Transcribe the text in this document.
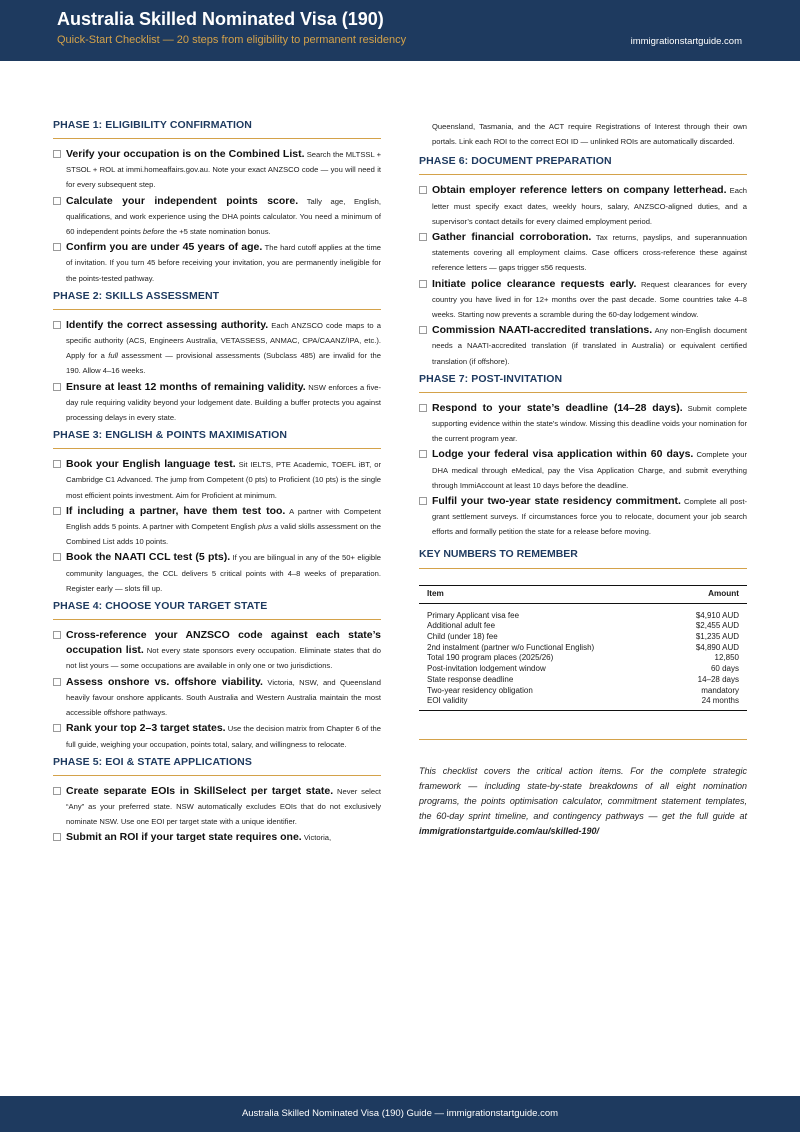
Australia Skilled Nominated Visa (190)
Quick-Start Checklist — 20 steps from eligibility to permanent residency	immigrationstartguide.com
PHASE 1: ELIGIBILITY CONFIRMATION
Verify your occupation is on the Combined List. Search the MLTSSL + STSOL + ROL at immi.homeaffairs.gov.au. Note your exact ANZSCO code — you will need it for every subsequent step.
Calculate your independent points score. Tally age, English, qualifications, and work experience using the DHA points calculator. You need a minimum of 60 independent points before the +5 state nomination bonus.
Confirm you are under 45 years of age. The hard cutoff applies at the time of invitation. If you turn 45 before receiving your invitation, you are permanently ineligible for the points-tested pathway.
PHASE 2: SKILLS ASSESSMENT
Identify the correct assessing authority. Each ANZSCO code maps to a specific authority (ACS, Engineers Australia, VETASSESS, ANMAC, CPA/CAANZ/IPA, etc.). Apply for a full assessment — provisional assessments (Subclass 485) are invalid for the 190. Allow 4–16 weeks.
Ensure at least 12 months of remaining validity. NSW enforces a five-day rule requiring validity beyond your lodgement date. Building a buffer protects you against processing delays in every state.
PHASE 3: ENGLISH & POINTS MAXIMISATION
Book your English language test. Sit IELTS, PTE Academic, TOEFL iBT, or Cambridge C1 Advanced. The jump from Competent (0 pts) to Proficient (10 pts) is the single most efficient points investment. Aim for Proficient at minimum.
If including a partner, have them test too. A partner with Competent English adds 5 points. A partner with Competent English plus a valid skills assessment on the Combined List adds 10 points.
Book the NAATI CCL test (5 pts). If you are bilingual in any of the 50+ eligible community languages, the CCL delivers 5 critical points with 4–8 weeks of preparation. Register early — slots fill up.
PHASE 4: CHOOSE YOUR TARGET STATE
Cross-reference your ANZSCO code against each state’s occupation list. Not every state sponsors every occupation. Eliminate states that do not list yours — some occupations are available in only one or two jurisdictions.
Assess onshore vs. offshore viability. Victoria, NSW, and Queensland heavily favour onshore applicants. South Australia and Western Australia maintain the most accessible offshore pathways.
Rank your top 2–3 target states. Use the decision matrix from Chapter 6 of the full guide, weighing your occupation, points total, salary, and willingness to relocate.
PHASE 5: EOI & STATE APPLICATIONS
Create separate EOIs in SkillSelect per target state. Never select “Any” as your preferred state. NSW automatically excludes EOIs that do not exclusively nominate NSW. Use one EOI per target state with a unique identifier.
Submit an ROI if your target state requires one. Victoria,
Queensland, Tasmania, and the ACT require Registrations of Interest through their own portals. Link each ROI to the correct EOI ID — unlinked ROIs are automatically discarded.
PHASE 6: DOCUMENT PREPARATION
Obtain employer reference letters on company letterhead. Each letter must specify exact dates, weekly hours, salary, ANZSCO-aligned duties, and a supervisor’s contact details for every claimed employment period.
Gather financial corroboration. Tax returns, payslips, and superannuation statements covering all employment claims. Case officers cross-reference these against reference letters — gaps trigger s56 requests.
Initiate police clearance requests early. Request clearances for every country you have lived in for 12+ months over the past decade. Some countries take 4–8 weeks. Starting now prevents a scramble during the 60-day lodgement window.
Commission NAATI-accredited translations. Any non-English document needs a NAATI-accredited translation (if translated in Australia) or equivalent certified translation (if offshore).
PHASE 7: POST-INVITATION
Respond to your state’s deadline (14–28 days). Submit complete supporting evidence within the state’s window. Missing this deadline voids your nomination for the current program year.
Lodge your federal visa application within 60 days. Complete your DHA medical through eMedical, pay the Visa Application Charge, and submit everything through ImmiAccount at least 10 days before the deadline.
Fulfil your two-year state residency commitment. Complete all post-grant settlement surveys. If circumstances force you to relocate, document your job search efforts and formally petition the state for a release before moving.
KEY NUMBERS TO REMEMBER
Item	Amount
Primary Applicant visa fee	$4,910 AUD
Additional adult fee	$2,455 AUD
Child (under 18) fee	$1,235 AUD
2nd instalment (partner w/o Functional English)	$4,890 AUD
Total 190 program places (2025/26)	12,850
Post-invitation lodgement window	60 days
State response deadline	14–28 days
Two-year residency obligation	mandatory
EOI validity	24 months

This checklist covers the critical action items. For the complete strategic framework — including state-by-state breakdowns of all eight nomination programs, the points optimisation calculator, commitment statement templates, the 60-day sprint timeline, and contingency pathways — get the full guide at immigrationstartguide.com/au/skilled-190/

Australia Skilled Nominated Visa (190) Guide — immigrationstartguide.com
